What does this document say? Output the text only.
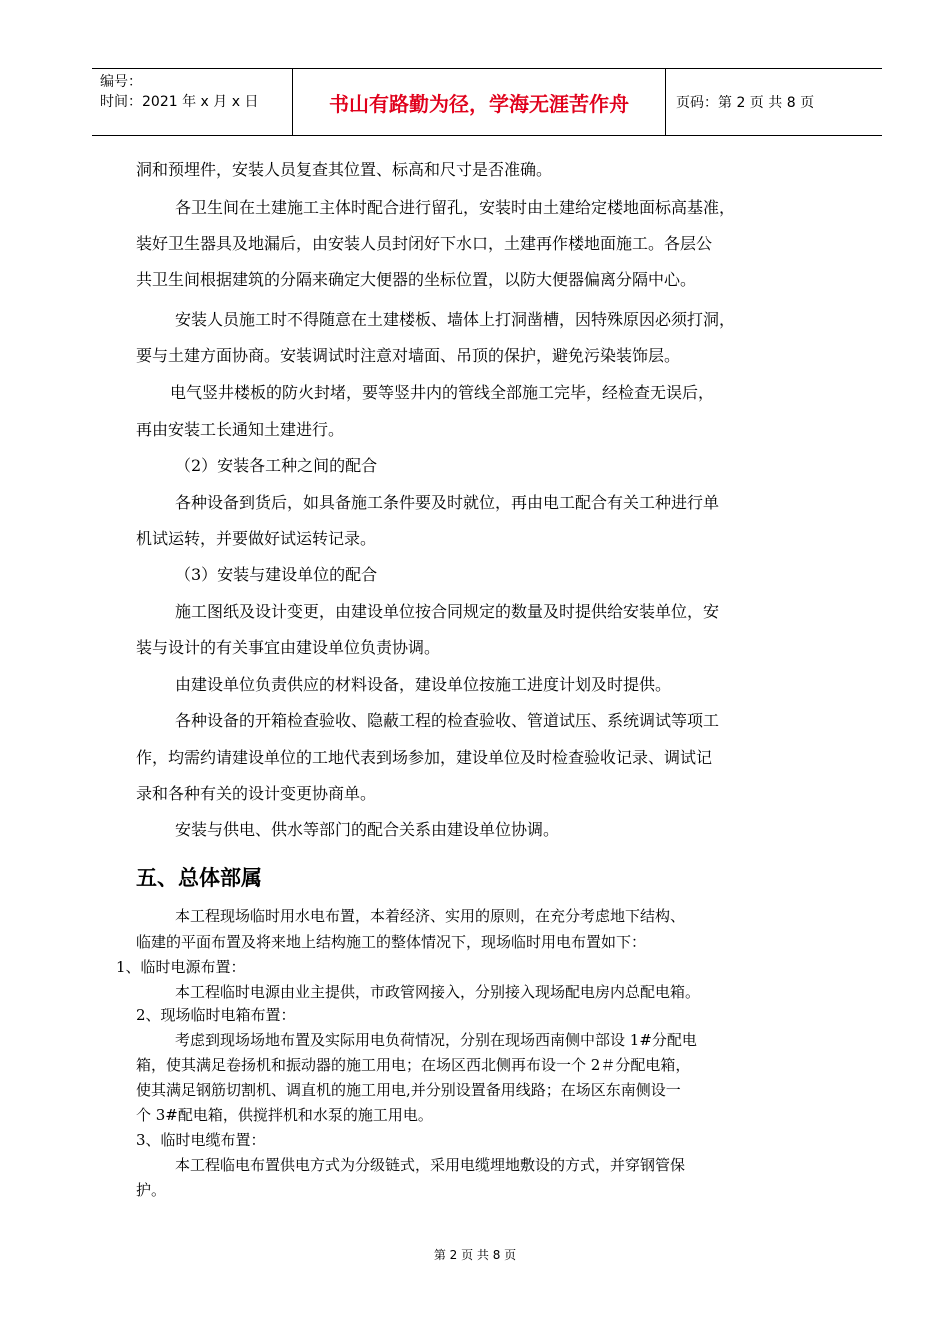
编号：
时间：2021 年 x 月 x 日	书山有路勤为径，学海无涯苦作舟	页码：第 2 页 共 8 页

洞和预埋件，安装人员复查其位置、标高和尺寸是否准确。

各卫生间在土建施工主体时配合进行留孔，安装时由土建给定楼地面标高基准，

装好卫生器具及地漏后，由安装人员封闭好下水口，土建再作楼地面施工。各层公

共卫生间根据建筑的分隔来确定大便器的坐标位置，以防大便器偏离分隔中心。

安装人员施工时不得随意在土建楼板、墙体上打洞凿槽，因特殊原因必须打洞，

要与土建方面协商。安装调试时注意对墙面、吊顶的保护，避免污染装饰层。

电气竖井楼板的防火封堵，要等竖井内的管线全部施工完毕，经检查无误后，

再由安装工长通知土建进行。

（2）安装各工种之间的配合

各种设备到货后，如具备施工条件要及时就位，再由电工配合有关工种进行单

机试运转，并要做好试运转记录。

（3）安装与建设单位的配合

施工图纸及设计变更，由建设单位按合同规定的数量及时提供给安装单位，安

装与设计的有关事宜由建设单位负责协调。

由建设单位负责供应的材料设备，建设单位按施工进度计划及时提供。

各种设备的开箱检查验收、隐蔽工程的检查验收、管道试压、系统调试等项工

作，均需约请建设单位的工地代表到场参加，建设单位及时检查验收记录、调试记

录和各种有关的设计变更协商单。

安装与供电、供水等部门的配合关系由建设单位协调。

五、总体部属

本工程现场临时用水电布置，本着经济、实用的原则，在充分考虑地下结构、

临建的平面布置及将来地上结构施工的整体情况下，现场临时用电布置如下：

1、临时电源布置：

本工程临时电源由业主提供，市政管网接入，分别接入现场配电房内总配电箱。

2、现场临时电箱布置：

考虑到现场场地布置及实际用电负荷情况，分别在现场西南侧中部设 1#分配电

箱，使其满足卷扬机和振动器的施工用电；在场区西北侧再布设一个 2＃分配电箱，

使其满足钢筋切割机、调直机的施工用电,并分别设置备用线路；在场区东南侧设一

个 3#配电箱，供搅拌机和水泵的施工用电。

3、临时电缆布置：

本工程临电布置供电方式为分级链式，采用电缆埋地敷设的方式，并穿钢管保

护。

第 2 页 共 8 页
